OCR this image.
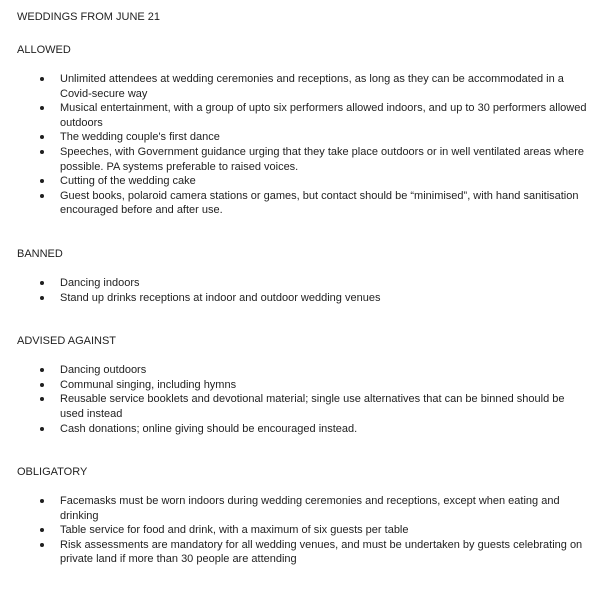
WEDDINGS FROM JUNE 21
ALLOWED
Unlimited attendees at wedding ceremonies and receptions, as long as they can be accommodated in a Covid-secure way
Musical entertainment, with a group of upto six performers allowed indoors, and up to 30 performers allowed outdoors
The wedding couple's first dance
Speeches, with Government guidance urging that they take place outdoors or in well ventilated areas where possible. PA systems preferable to raised voices.
Cutting of the wedding cake
Guest books, polaroid camera stations or games, but contact should be “minimised”, with hand sanitisation encouraged before and after use.
BANNED
Dancing indoors
Stand up drinks receptions at indoor and outdoor wedding venues
ADVISED AGAINST
Dancing outdoors
Communal singing, including hymns
Reusable service booklets and devotional material; single use alternatives that can be binned should be used instead
Cash donations; online giving should be encouraged instead.
OBLIGATORY
Facemasks must be worn indoors during wedding ceremonies and receptions, except when eating and drinking
Table service for food and drink, with a maximum of six guests per table
Risk assessments are mandatory for all wedding venues, and must be undertaken by guests celebrating on private land if more than 30 people are attending
